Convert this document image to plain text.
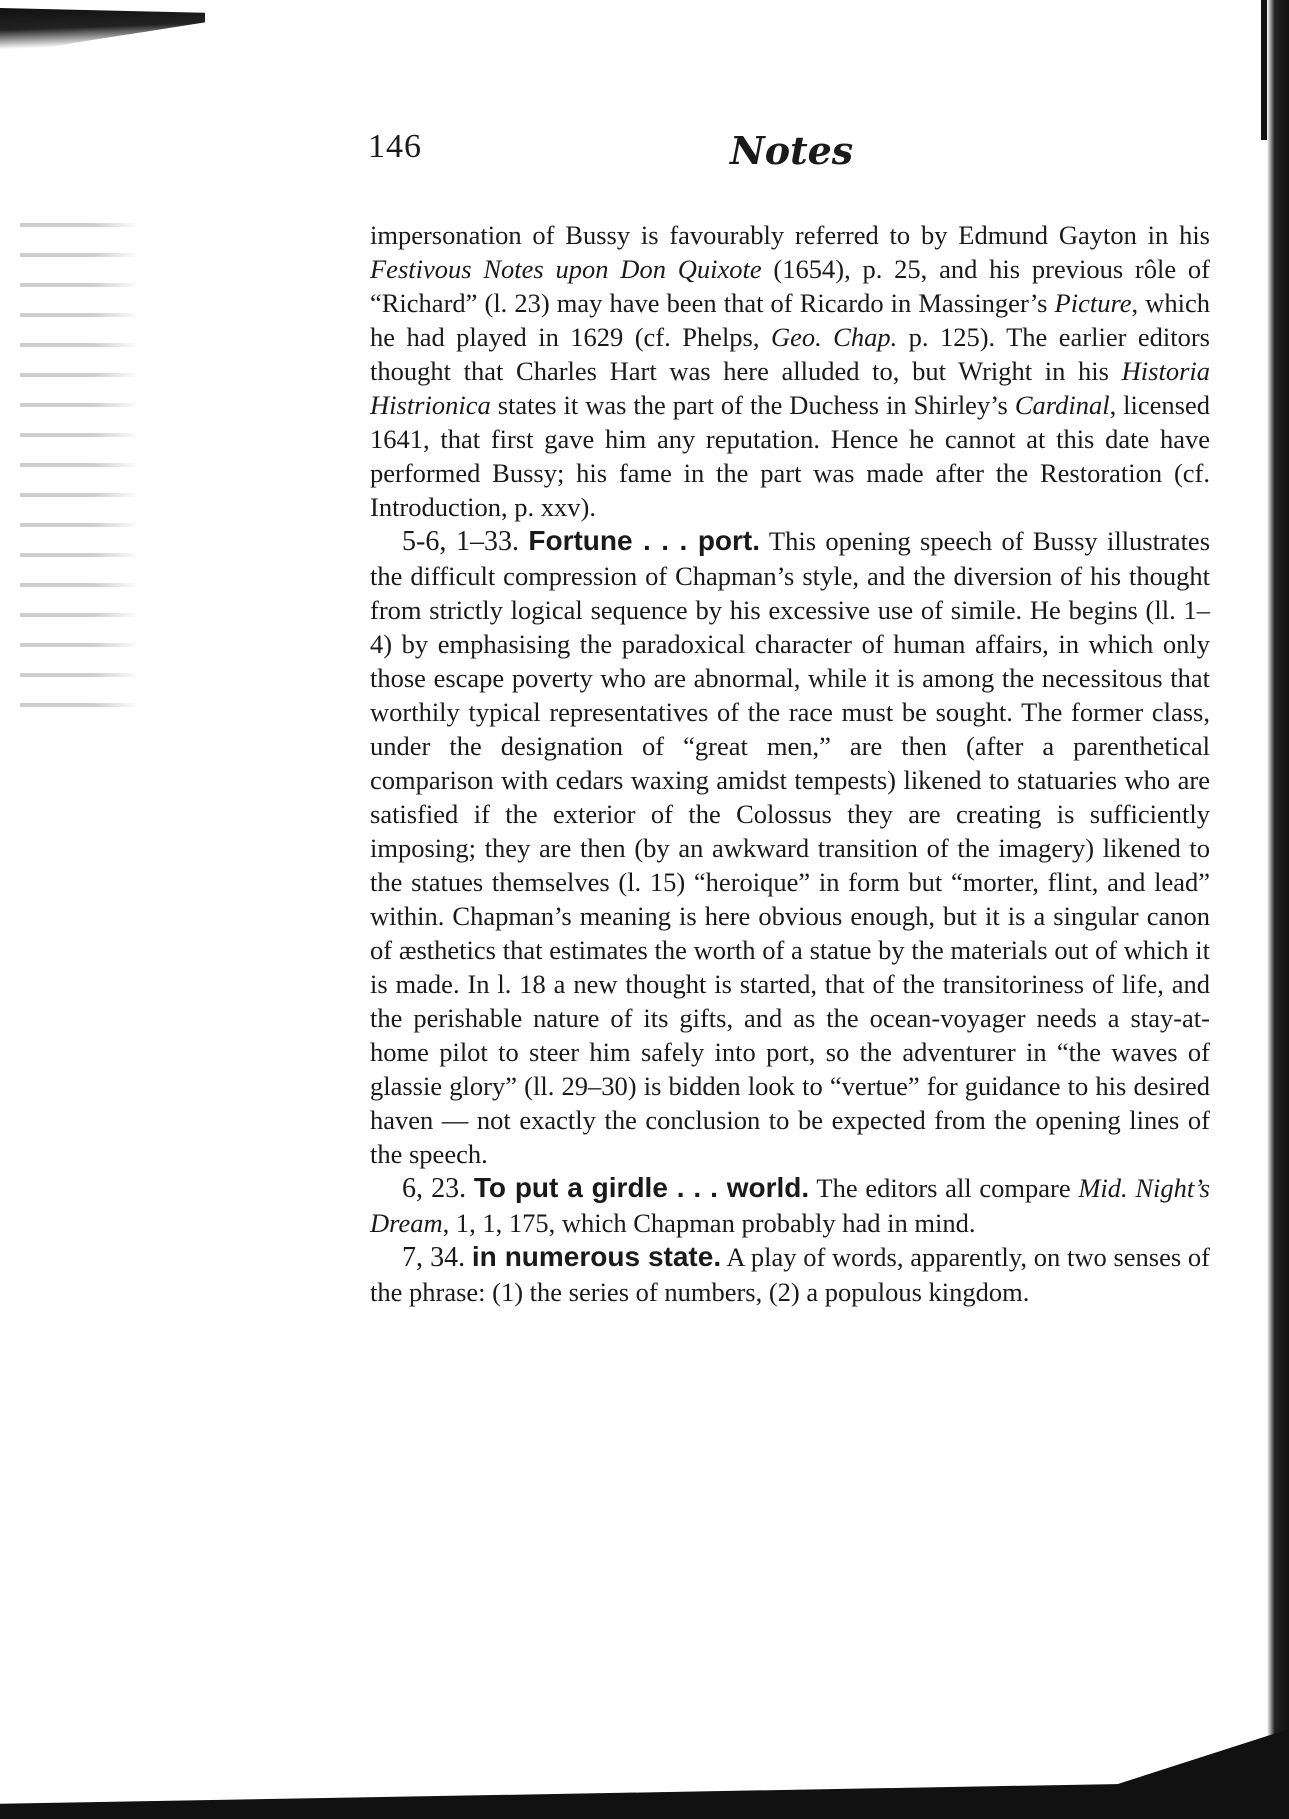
146	Notes

impersonation of Bussy is favourably referred to by Edmund Gayton in his Festivous Notes upon Don Quixote (1654), p. 25, and his previous rôle of “Richard” (l. 23) may have been that of Ricardo in Massinger’s Picture, which he had played in 1629 (cf. Phelps, Geo. Chap. p. 125). The earlier editors thought that Charles Hart was here alluded to, but Wright in his Historia Histrionica states it was the part of the Duchess in Shirley’s Cardinal, licensed 1641, that first gave him any reputation. Hence he cannot at this date have performed Bussy; his fame in the part was made after the Restoration (cf. Introduction, p. xxv).

5-6, 1–33. Fortune . . . port. This opening speech of Bussy illustrates the difficult compression of Chapman’s style, and the diversion of his thought from strictly logical sequence by his excessive use of simile. He begins (ll. 1–4) by emphasising the paradoxical character of human affairs, in which only those escape poverty who are abnormal, while it is among the necessitous that worthily typical representatives of the race must be sought. The former class, under the designation of “great men,” are then (after a parenthetical comparison with cedars waxing amidst tempests) likened to statuaries who are satisfied if the exterior of the Colossus they are creating is sufficiently imposing; they are then (by an awkward transition of the imagery) likened to the statues themselves (l. 15) “heroique” in form but “morter, flint, and lead” within. Chapman’s meaning is here obvious enough, but it is a singular canon of æsthetics that estimates the worth of a statue by the materials out of which it is made. In l. 18 a new thought is started, that of the transitoriness of life, and the perishable nature of its gifts, and as the ocean-voyager needs a stay-at-home pilot to steer him safely into port, so the adventurer in “the waves of glassie glory” (ll. 29–30) is bidden look to “vertue” for guidance to his desired haven — not exactly the conclusion to be expected from the opening lines of the speech.

6, 23. To put a girdle . . . world. The editors all compare Mid. Night’s Dream, 1, 1, 175, which Chapman probably had in mind.

7, 34. in numerous state. A play of words, apparently, on two senses of the phrase: (1) the series of numbers, (2) a populous kingdom.
